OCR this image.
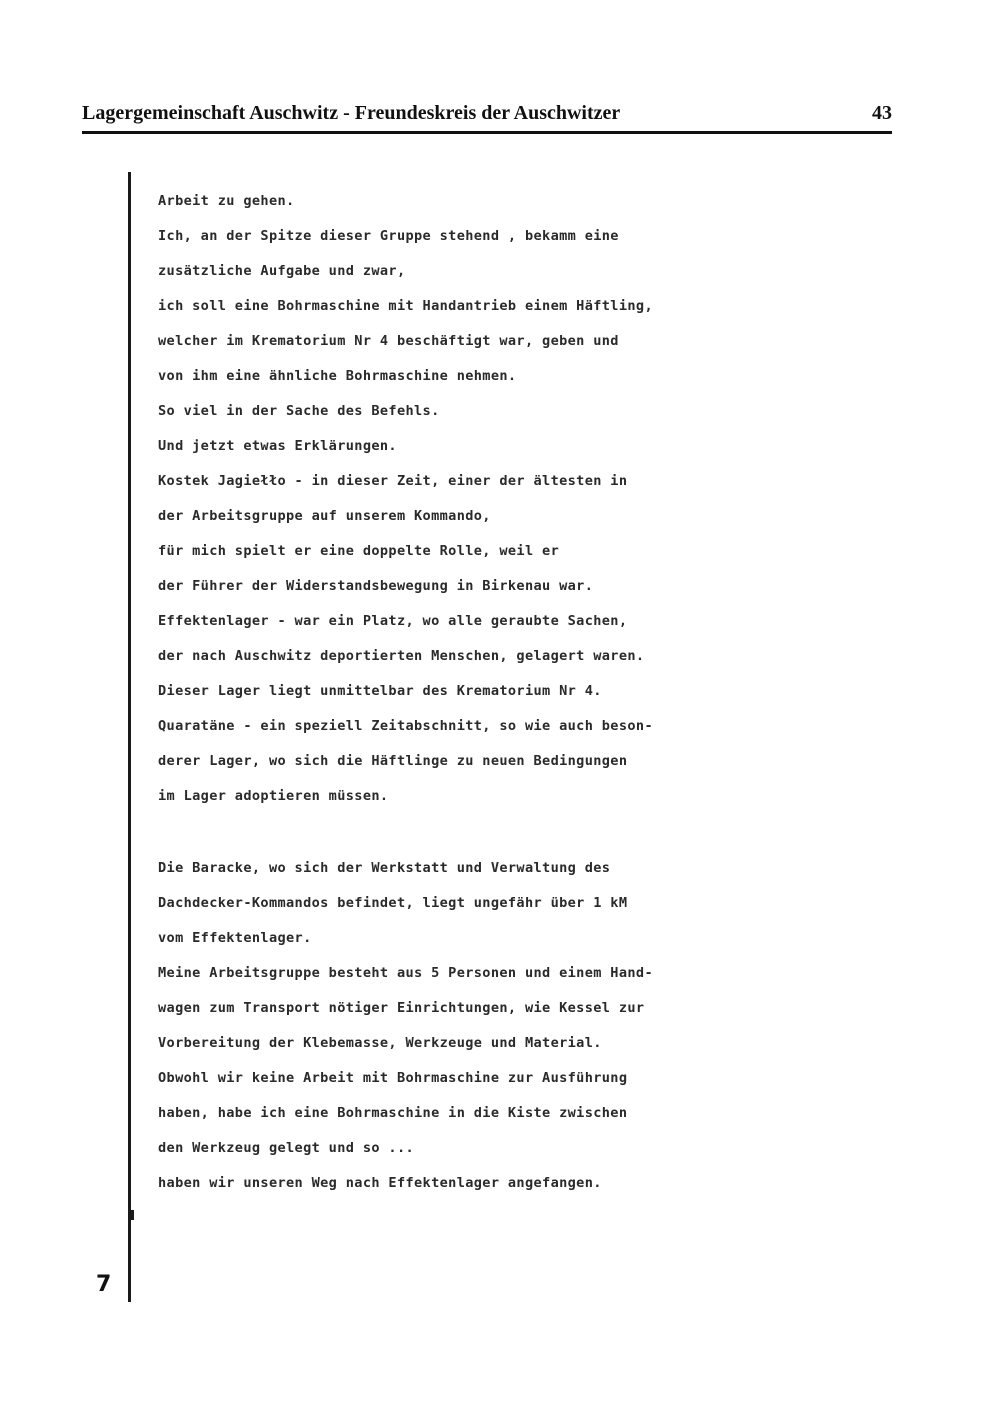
Lagergemeinschaft Auschwitz - Freundeskreis der Auschwitzer	43
7
Arbeit zu gehen.
Ich, an der Spitze dieser Gruppe stehend , bekamm eine
zusätzliche Aufgabe und zwar,
ich soll eine Bohrmaschine mit Handantrieb einem Häftling,
welcher im Krematorium Nr 4 beschäftigt war, geben und
von ihm eine ähnliche Bohrmaschine nehmen.
So viel in der Sache des Befehls.
Und jetzt etwas Erklärungen.
Kostek Jagiełło - in dieser Zeit, einer der ältesten in
der Arbeitsgruppe auf unserem Kommando,
für mich spielt er eine doppelte Rolle, weil er
der Führer der Widerstandsbewegung in Birkenau war.
Effektenlager - war ein Platz, wo alle geraubte Sachen,
der nach Auschwitz deportierten Menschen, gelagert waren.
Dieser Lager liegt unmittelbar des Krematorium Nr 4.
Quaratäne - ein speziell Zeitabschnitt, so wie auch beson-
derer Lager, wo sich die Häftlinge zu neuen Bedingungen
im Lager adoptieren müssen.
Die Baracke, wo sich der Werkstatt und Verwaltung des
Dachdecker-Kommandos befindet, liegt ungefähr über 1 kM
vom Effektenlager.
Meine Arbeitsgruppe besteht aus 5 Personen und einem Hand-
wagen zum Transport nötiger Einrichtungen, wie Kessel zur
Vorbereitung der Klebemasse, Werkzeuge und Material.
Obwohl wir keine Arbeit mit Bohrmaschine zur Ausführung
haben, habe ich eine Bohrmaschine in die Kiste zwischen
den Werkzeug gelegt und so ...
haben wir unseren Weg nach Effektenlager angefangen.
